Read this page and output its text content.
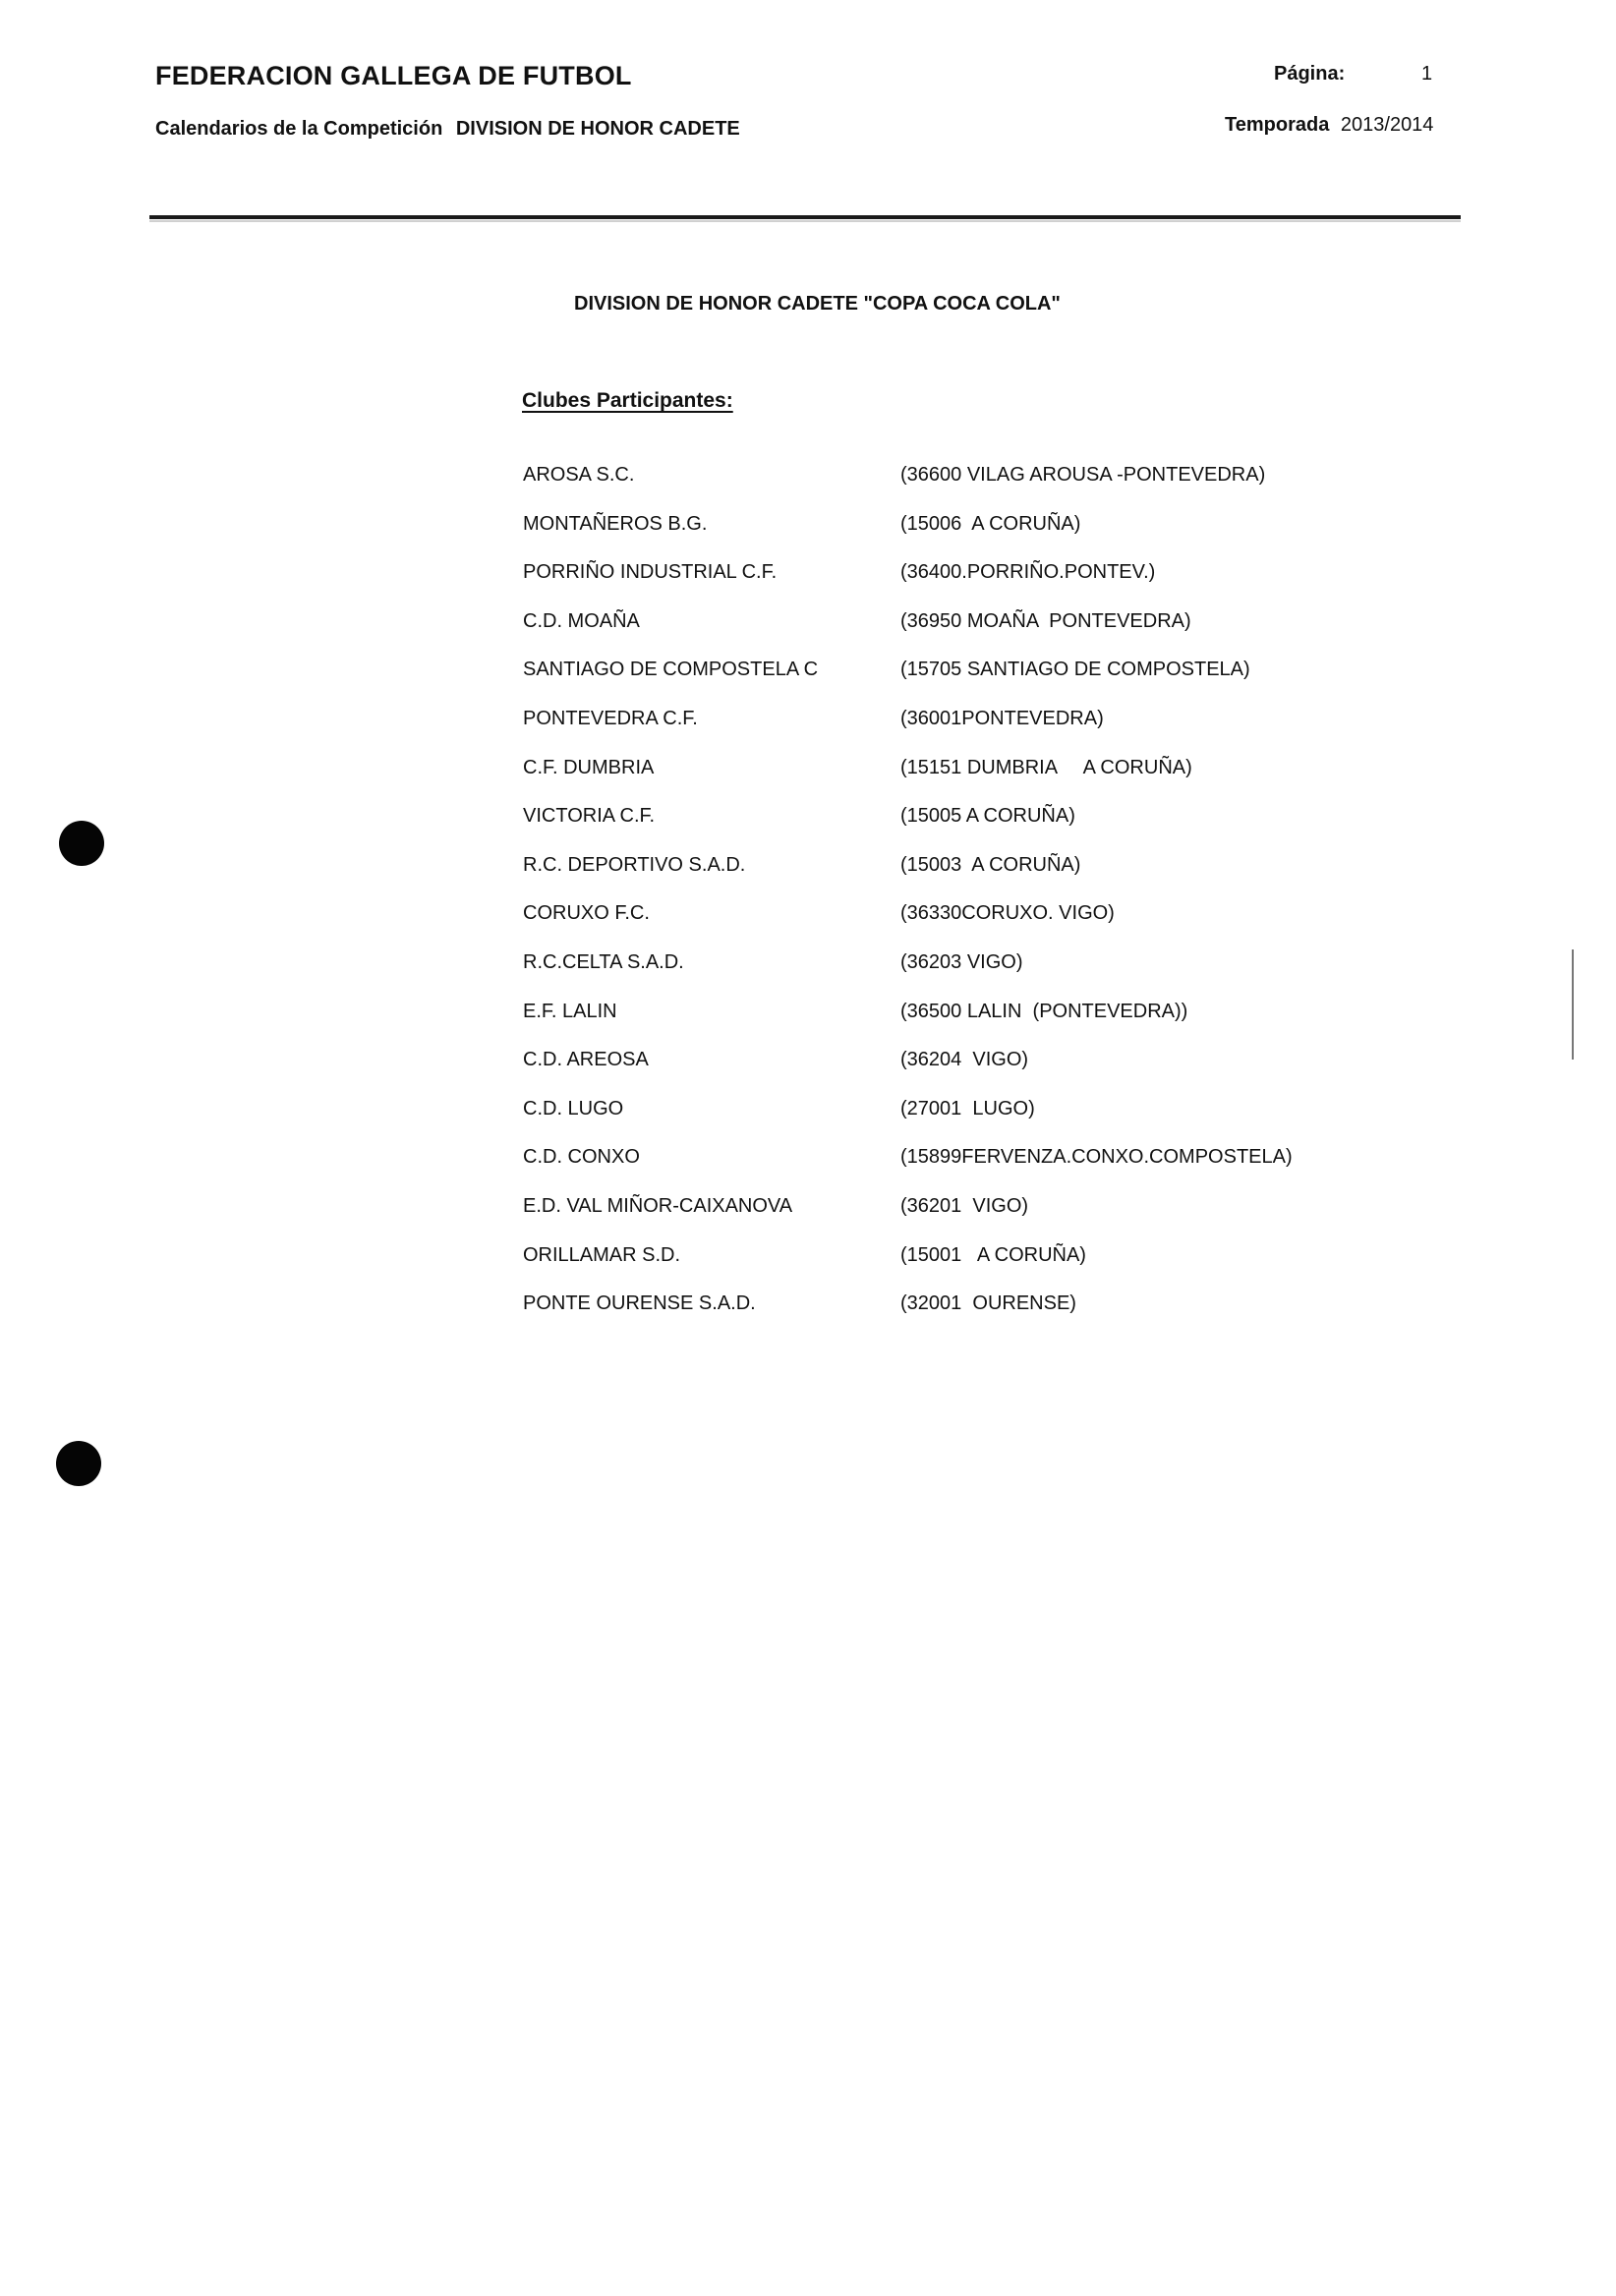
FEDERACION GALLEGA DE FUTBOL	Página:	1
Calendarios de la Competición DIVISION DE HONOR CADETE	Temporada 2013/2014
DIVISION DE HONOR CADETE "COPA COCA COLA"
Clubes Participantes:
AROSA S.C.	(36600 VILAG AROUSA -PONTEVEDRA)
MONTAÑEROS B.G.	(15006  A CORUÑA)
PORRIÑO INDUSTRIAL C.F.	(36400.PORRIÑO.PONTEV.)
C.D. MOAÑA	(36950 MOAÑA  PONTEVEDRA)
SANTIAGO DE COMPOSTELA C	(15705 SANTIAGO DE COMPOSTELA)
PONTEVEDRA C.F.	(36001PONTEVEDRA)
C.F. DUMBRIA	(15151 DUMBRIA     A CORUÑA)
VICTORIA C.F.	(15005 A CORUÑA)
R.C. DEPORTIVO S.A.D.	(15003  A CORUÑA)
CORUXO F.C.	(36330CORUXO. VIGO)
R.C.CELTA S.A.D.	(36203 VIGO)
E.F. LALIN	(36500 LALIN  (PONTEVEDRA))
C.D. AREOSA	(36204  VIGO)
C.D. LUGO	(27001  LUGO)
C.D. CONXO	(15899FERVENZA.CONXO.COMPOSTELA)
E.D. VAL MIÑOR-CAIXANOVA	(36201  VIGO)
ORILLAMAR S.D.	(15001   A CORUÑA)
PONTE OURENSE S.A.D.	(32001  OURENSE)
